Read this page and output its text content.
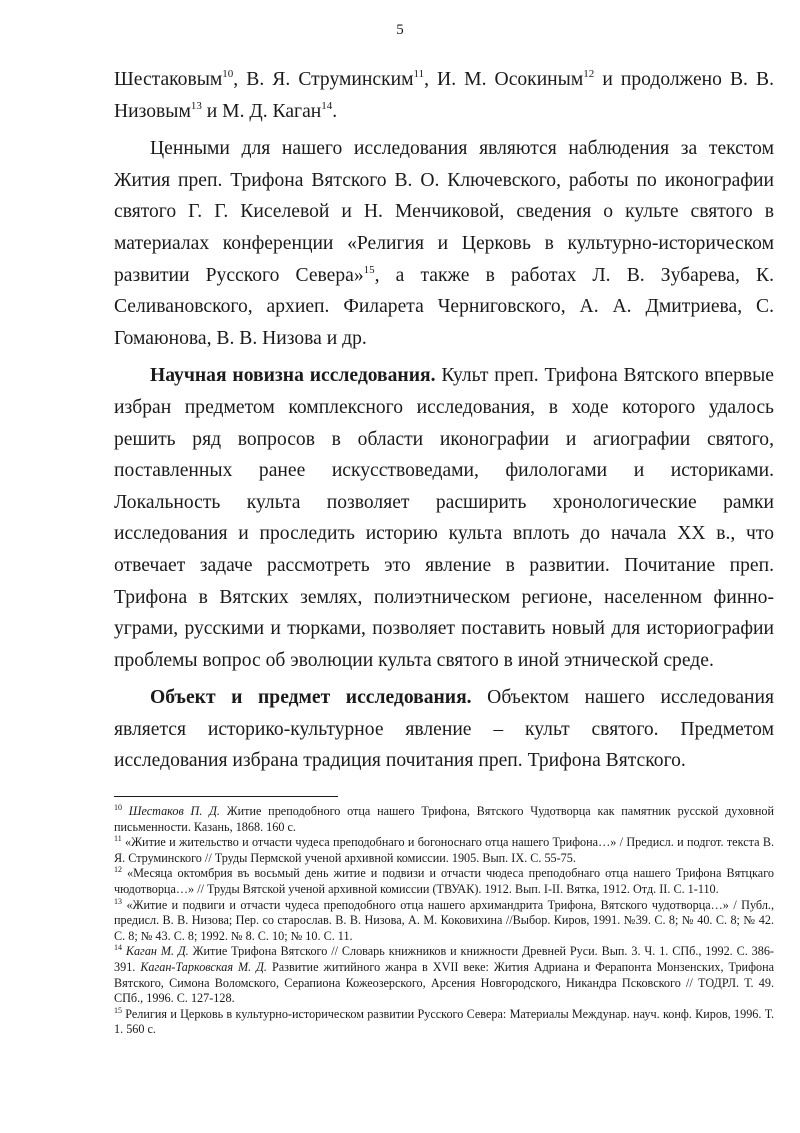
5

Шестаковым$^{10}$, В. Я. Струминским$^{11}$, И. М. Осокиным$^{12}$ и продолжено В. В. Низовым$^{13}$ и М. Д. Каган$^{14}$.

Ценными для нашего исследования являются наблюдения за текстом Жития преп. Трифона Вятского В. О. Ключевского, работы по иконографии святого Г. Г. Киселевой и Н. Менчиковой, сведения о культе святого в материалах конференции «Религия и Церковь в культурно-историческом развитии Русского Севера»$^{15}$, а также в работах Л. В. Зубарева, К. Селивановского, архиеп. Филарета Черниговского, А. А. Дмитриева, С. Гомаюнова, В. В. Низова и др.

Научная новизна исследования. Культ преп. Трифона Вятского впервые избран предметом комплексного исследования, в ходе которого удалось решить ряд вопросов в области иконографии и агиографии святого, поставленных ранее искусствоведами, филологами и историками. Локальность культа позволяет расширить хронологические рамки исследования и проследить историю культа вплоть до начала XX в., что отвечает задаче рассмотреть это явление в развитии. Почитание преп. Трифона в Вятских землях, полиэтническом регионе, населенном финно-уграми, русскими и тюрками, позволяет поставить новый для историографии проблемы вопрос об эволюции культа святого в иной этнической среде.

Объект и предмет исследования. Объектом нашего исследования является историко-культурное явление – культ святого. Предметом исследования избрана традиция почитания преп. Трифона Вятского.

$^{10}$ Шестаков П. Д. Житие преподобного отца нашего Трифона, Вятского Чудотворца как памятник русской духовной письменности. Казань, 1868. 160 с.

$^{11}$ «Житие и жительство и отчасти чудеса преподобнаго и богоноснаго отца нашего Трифона…» / Предисл. и подгот. текста В. Я. Струминского // Труды Пермской ученой архивной комиссии. 1905. Вып. IX. С. 55-75.

$^{12}$ «Месяца октомбрия въ восьмый день житие и подвизи и отчасти чюдеса преподобнаго отца нашего Трифона Вятцкаго чюдотворца…» // Труды Вятской ученой архивной комиссии (ТВУАК). 1912. Вып. I-II. Вятка, 1912. Отд. II. С. 1-110.

$^{13}$ «Житие и подвиги и отчасти чудеса преподобного отца нашего архимандрита Трифона, Вятского чудотворца…» / Публ., предисл. В. В. Низова; Пер. со старослав. В. В. Низова, А. М. Коковихина //Выбор. Киров, 1991. №39. С. 8; № 40. С. 8; № 42. С. 8; № 43. С. 8; 1992. № 8. С. 10; № 10. С. 11.

$^{14}$ Каган М. Д. Житие Трифона Вятского // Словарь книжников и книжности Древней Руси. Вып. 3. Ч. 1. СПб., 1992. С. 386-391. Каган-Тарковская М. Д. Развитие житийного жанра в XVII веке: Жития Адриана и Ферапонта Монзенских, Трифона Вятского, Симона Воломского, Серапиона Кожеозерского, Арсения Новгородского, Никандра Псковского // ТОДРЛ. Т. 49. СПб., 1996. С. 127-128.

$^{15}$ Религия и Церковь в культурно-историческом развитии Русского Севера: Материалы Междунар. науч. конф. Киров, 1996. Т. 1. 560 с.
